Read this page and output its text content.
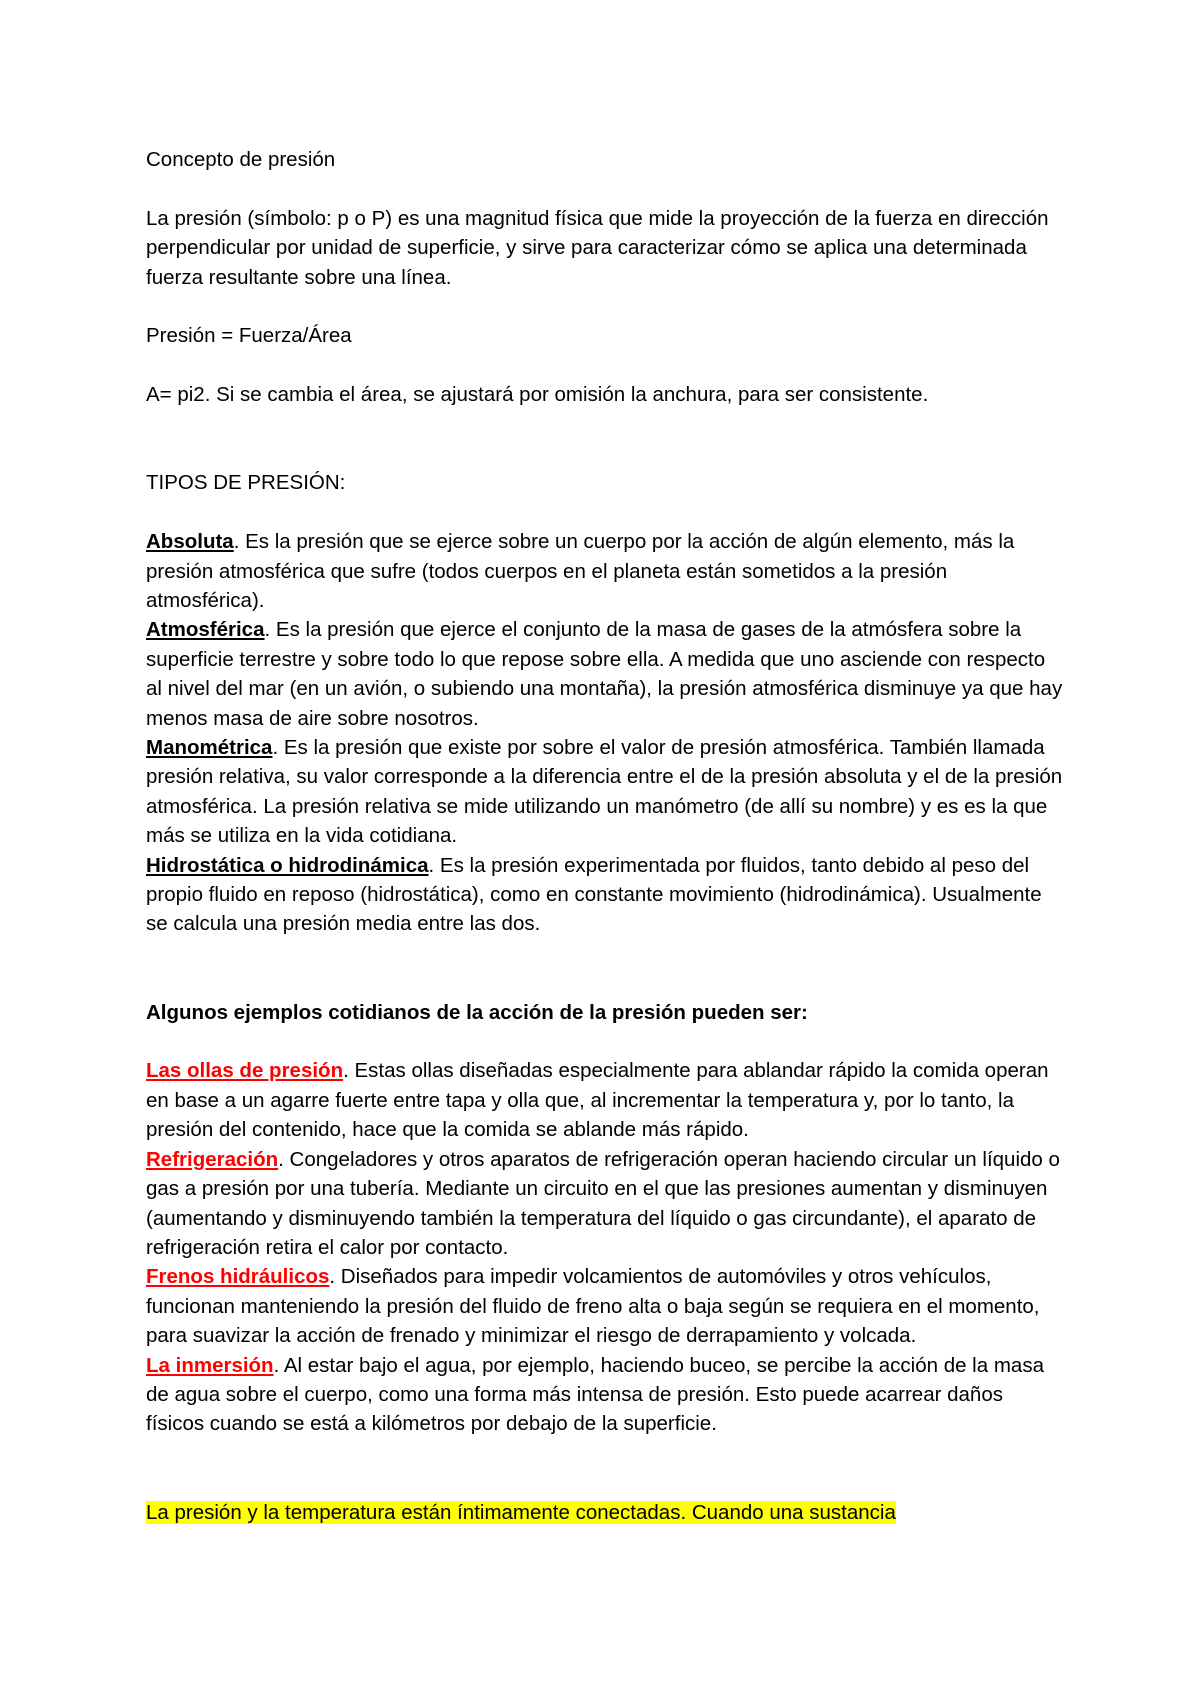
Concepto de presión

La presión (símbolo: p o P) es una magnitud física que mide la proyección de la fuerza en dirección perpendicular por unidad de superficie, y sirve para caracterizar cómo se aplica una determinada fuerza resultante sobre una línea.

Presión = Fuerza/Área

A= pi2. Si se cambia el área, se ajustará por omisión la anchura, para ser consistente.

TIPOS DE PRESIÓN:

Absoluta. Es la presión que se ejerce sobre un cuerpo por la acción de algún elemento, más la presión atmosférica que sufre (todos cuerpos en el planeta están sometidos a la presión atmosférica).

Atmosférica. Es la presión que ejerce el conjunto de la masa de gases de la atmósfera sobre la superficie terrestre y sobre todo lo que repose sobre ella. A medida que uno asciende con respecto al nivel del mar (en un avión, o subiendo una montaña), la presión atmosférica disminuye ya que hay menos masa de aire sobre nosotros.

Manométrica. Es la presión que existe por sobre el valor de presión atmosférica. También llamada presión relativa, su valor corresponde a la diferencia entre el de la presión absoluta y el de la presión atmosférica. La presión relativa se mide utilizando un manómetro (de allí su nombre) y es es la que más se utiliza en la vida cotidiana.

Hidrostática o hidrodinámica. Es la presión experimentada por fluidos, tanto debido al peso del propio fluido en reposo (hidrostática), como en constante movimiento (hidrodinámica). Usualmente se calcula una presión media entre las dos.

Algunos ejemplos cotidianos de la acción de la presión pueden ser:

Las ollas de presión. Estas ollas diseñadas especialmente para ablandar rápido la comida operan en base a un agarre fuerte entre tapa y olla que, al incrementar la temperatura y, por lo tanto, la presión del contenido, hace que la comida se ablande más rápido.

Refrigeración. Congeladores y otros aparatos de refrigeración operan haciendo circular un líquido o gas a presión por una tubería. Mediante un circuito en el que las presiones aumentan y disminuyen (aumentando y disminuyendo también la temperatura del líquido o gas circundante), el aparato de refrigeración retira el calor por contacto.

Frenos hidráulicos. Diseñados para impedir volcamientos de automóviles y otros vehículos, funcionan manteniendo la presión del fluido de freno alta o baja según se requiera en el momento, para suavizar la acción de frenado y minimizar el riesgo de derrapamiento y volcada.

La inmersión. Al estar bajo el agua, por ejemplo, haciendo buceo, se percibe la acción de la masa de agua sobre el cuerpo, como una forma más intensa de presión. Esto puede acarrear daños físicos cuando se está a kilómetros por debajo de la superficie.

La presión y la temperatura están íntimamente conectadas. Cuando una sustancia
